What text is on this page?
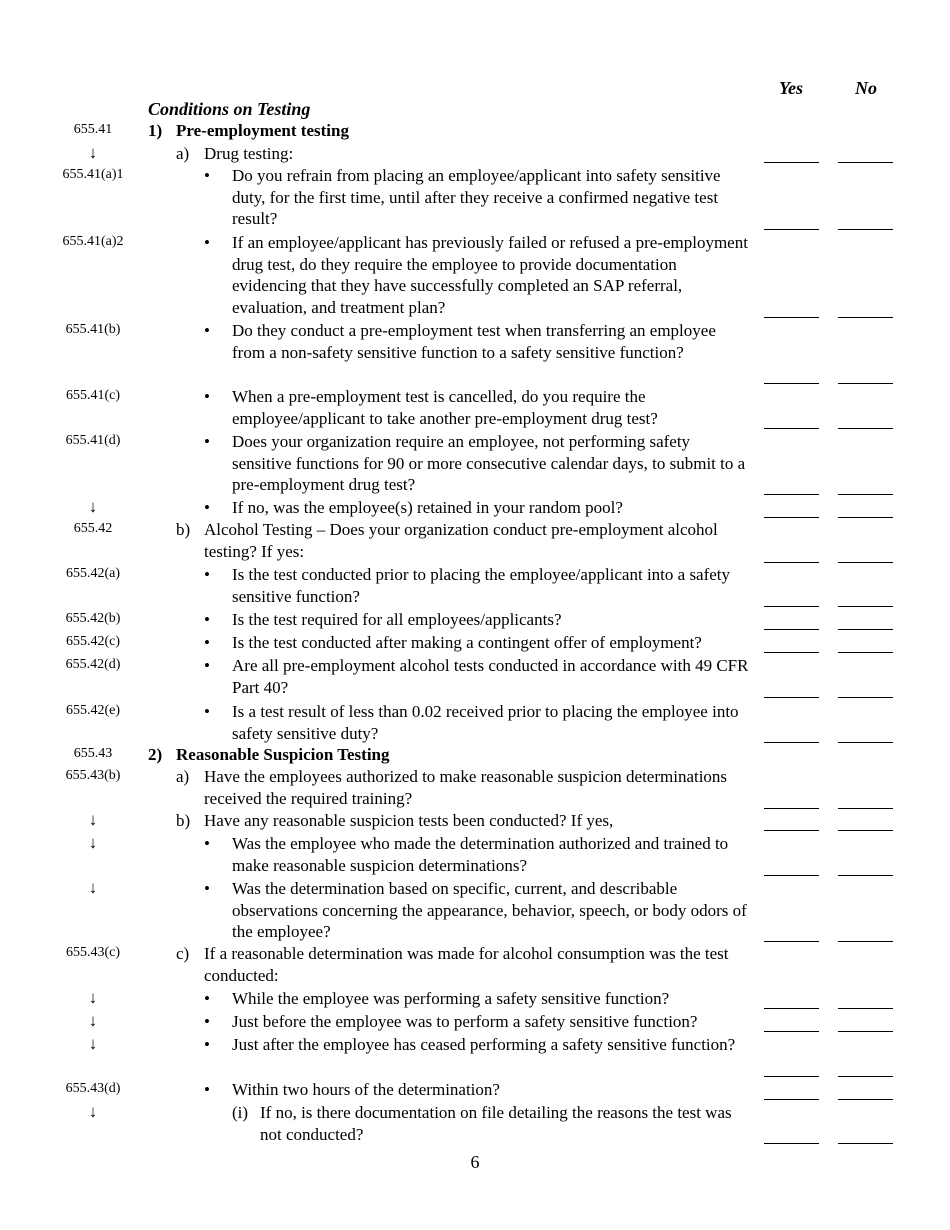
Yes	No
Conditions on Testing
655.41	1) Pre-employment testing
↓	a) Drug testing:
655.41(a)1	• Do you refrain from placing an employee/applicant into safety sensitive duty, for the first time, until after they receive a confirmed negative test result?
655.41(a)2	• If an employee/applicant has previously failed or refused a pre-employment drug test, do they require the employee to provide documentation evidencing that they have successfully completed an SAP referral, evaluation, and treatment plan?
655.41(b)	• Do they conduct a pre-employment test when transferring an employee from a non-safety sensitive function to a safety sensitive function?
655.41(c)	• When a pre-employment test is cancelled, do you require the employee/applicant to take another pre-employment drug test?
655.41(d)	• Does your organization require an employee, not performing safety sensitive functions for 90 or more consecutive calendar days, to submit to a pre-employment drug test?
↓	• If no, was the employee(s) retained in your random pool?
655.42	b) Alcohol Testing – Does your organization conduct pre-employment alcohol testing? If yes:
655.42(a)	• Is the test conducted prior to placing the employee/applicant into a safety sensitive function?
655.42(b)	• Is the test required for all employees/applicants?
655.42(c)	• Is the test conducted after making a contingent offer of employment?
655.42(d)	• Are all pre-employment alcohol tests conducted in accordance with 49 CFR Part 40?
655.42(e)	• Is a test result of less than 0.02 received prior to placing the employee into safety sensitive duty?
655.43	2) Reasonable Suspicion Testing
655.43(b)	a) Have the employees authorized to make reasonable suspicion determinations received the required training?
↓	b) Have any reasonable suspicion tests been conducted? If yes,
↓	• Was the employee who made the determination authorized and trained to make reasonable suspicion determinations?
↓	• Was the determination based on specific, current, and describable observations concerning the appearance, behavior, speech, or body odors of the employee?
655.43(c)	c) If a reasonable determination was made for alcohol consumption was the test conducted:
↓	• While the employee was performing a safety sensitive function?
↓	• Just before the employee was to perform a safety sensitive function?
↓	• Just after the employee has ceased performing a safety sensitive function?
655.43(d)	• Within two hours of the determination?
↓	(i) If no, is there documentation on file detailing the reasons the test was not conducted?
6
